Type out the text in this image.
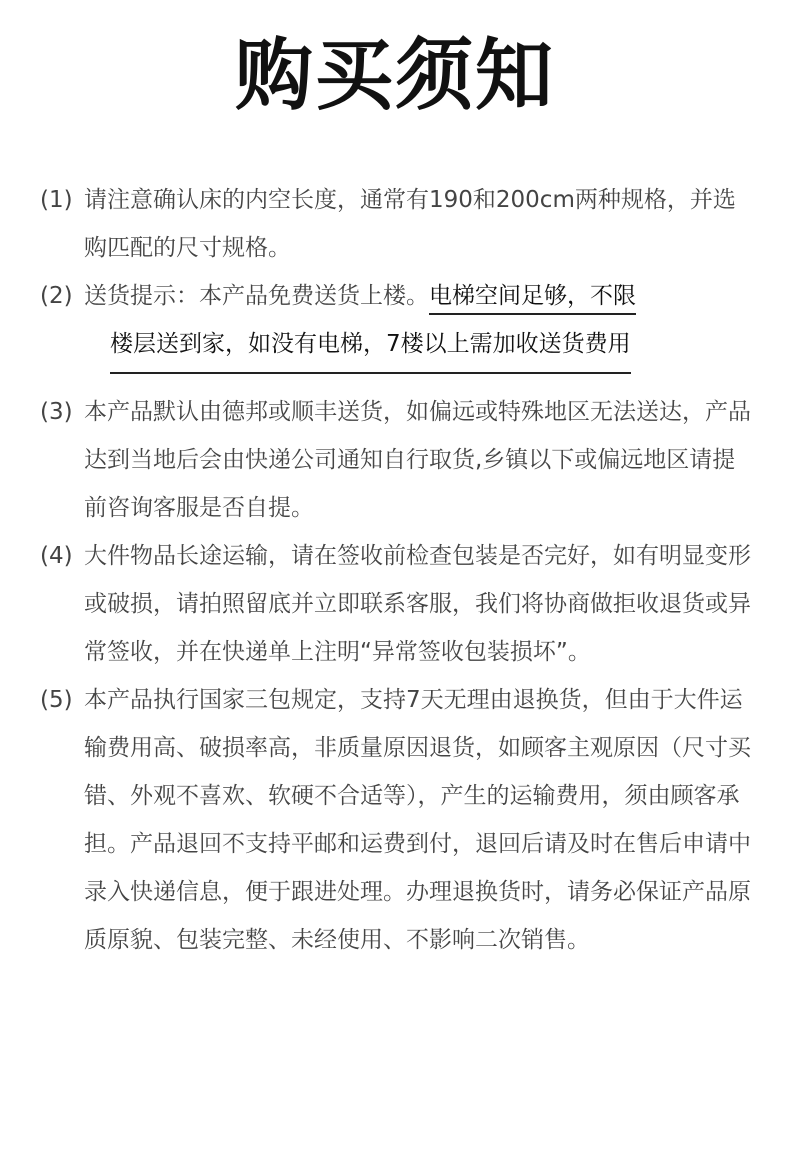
购买须知
(1) 请注意确认床的内空长度，通常有190和200cm两种规格，并选购匹配的尺寸规格。
(2) 送货提示：本产品免费送货上楼。电梯空间足够，不限
楼层送到家，如没有电梯，7楼以上需加收送货费用
(3) 本产品默认由德邦或顺丰送货，如偏远或特殊地区无法送达，产品达到当地后会由快递公司通知自行取货,乡镇以下或偏远地区请提前咨询客服是否自提。
(4) 大件物品长途运输，请在签收前检查包装是否完好，如有明显变形或破损，请拍照留底并立即联系客服，我们将协商做拒收退货或异常签收，并在快递单上注明“异常签收包装损坏”。
(5) 本产品执行国家三包规定，支持7天无理由退换货，但由于大件运输费用高、破损率高，非质量原因退货，如顾客主观原因（尺寸买错、外观不喜欢、软硬不合适等），产生的运输费用，须由顾客承担。产品退回不支持平邮和运费到付，退回后请及时在售后申请中录入快递信息，便于跟进处理。办理退换货时，请务必保证产品原质原貌、包装完整、未经使用、不影响二次销售。
